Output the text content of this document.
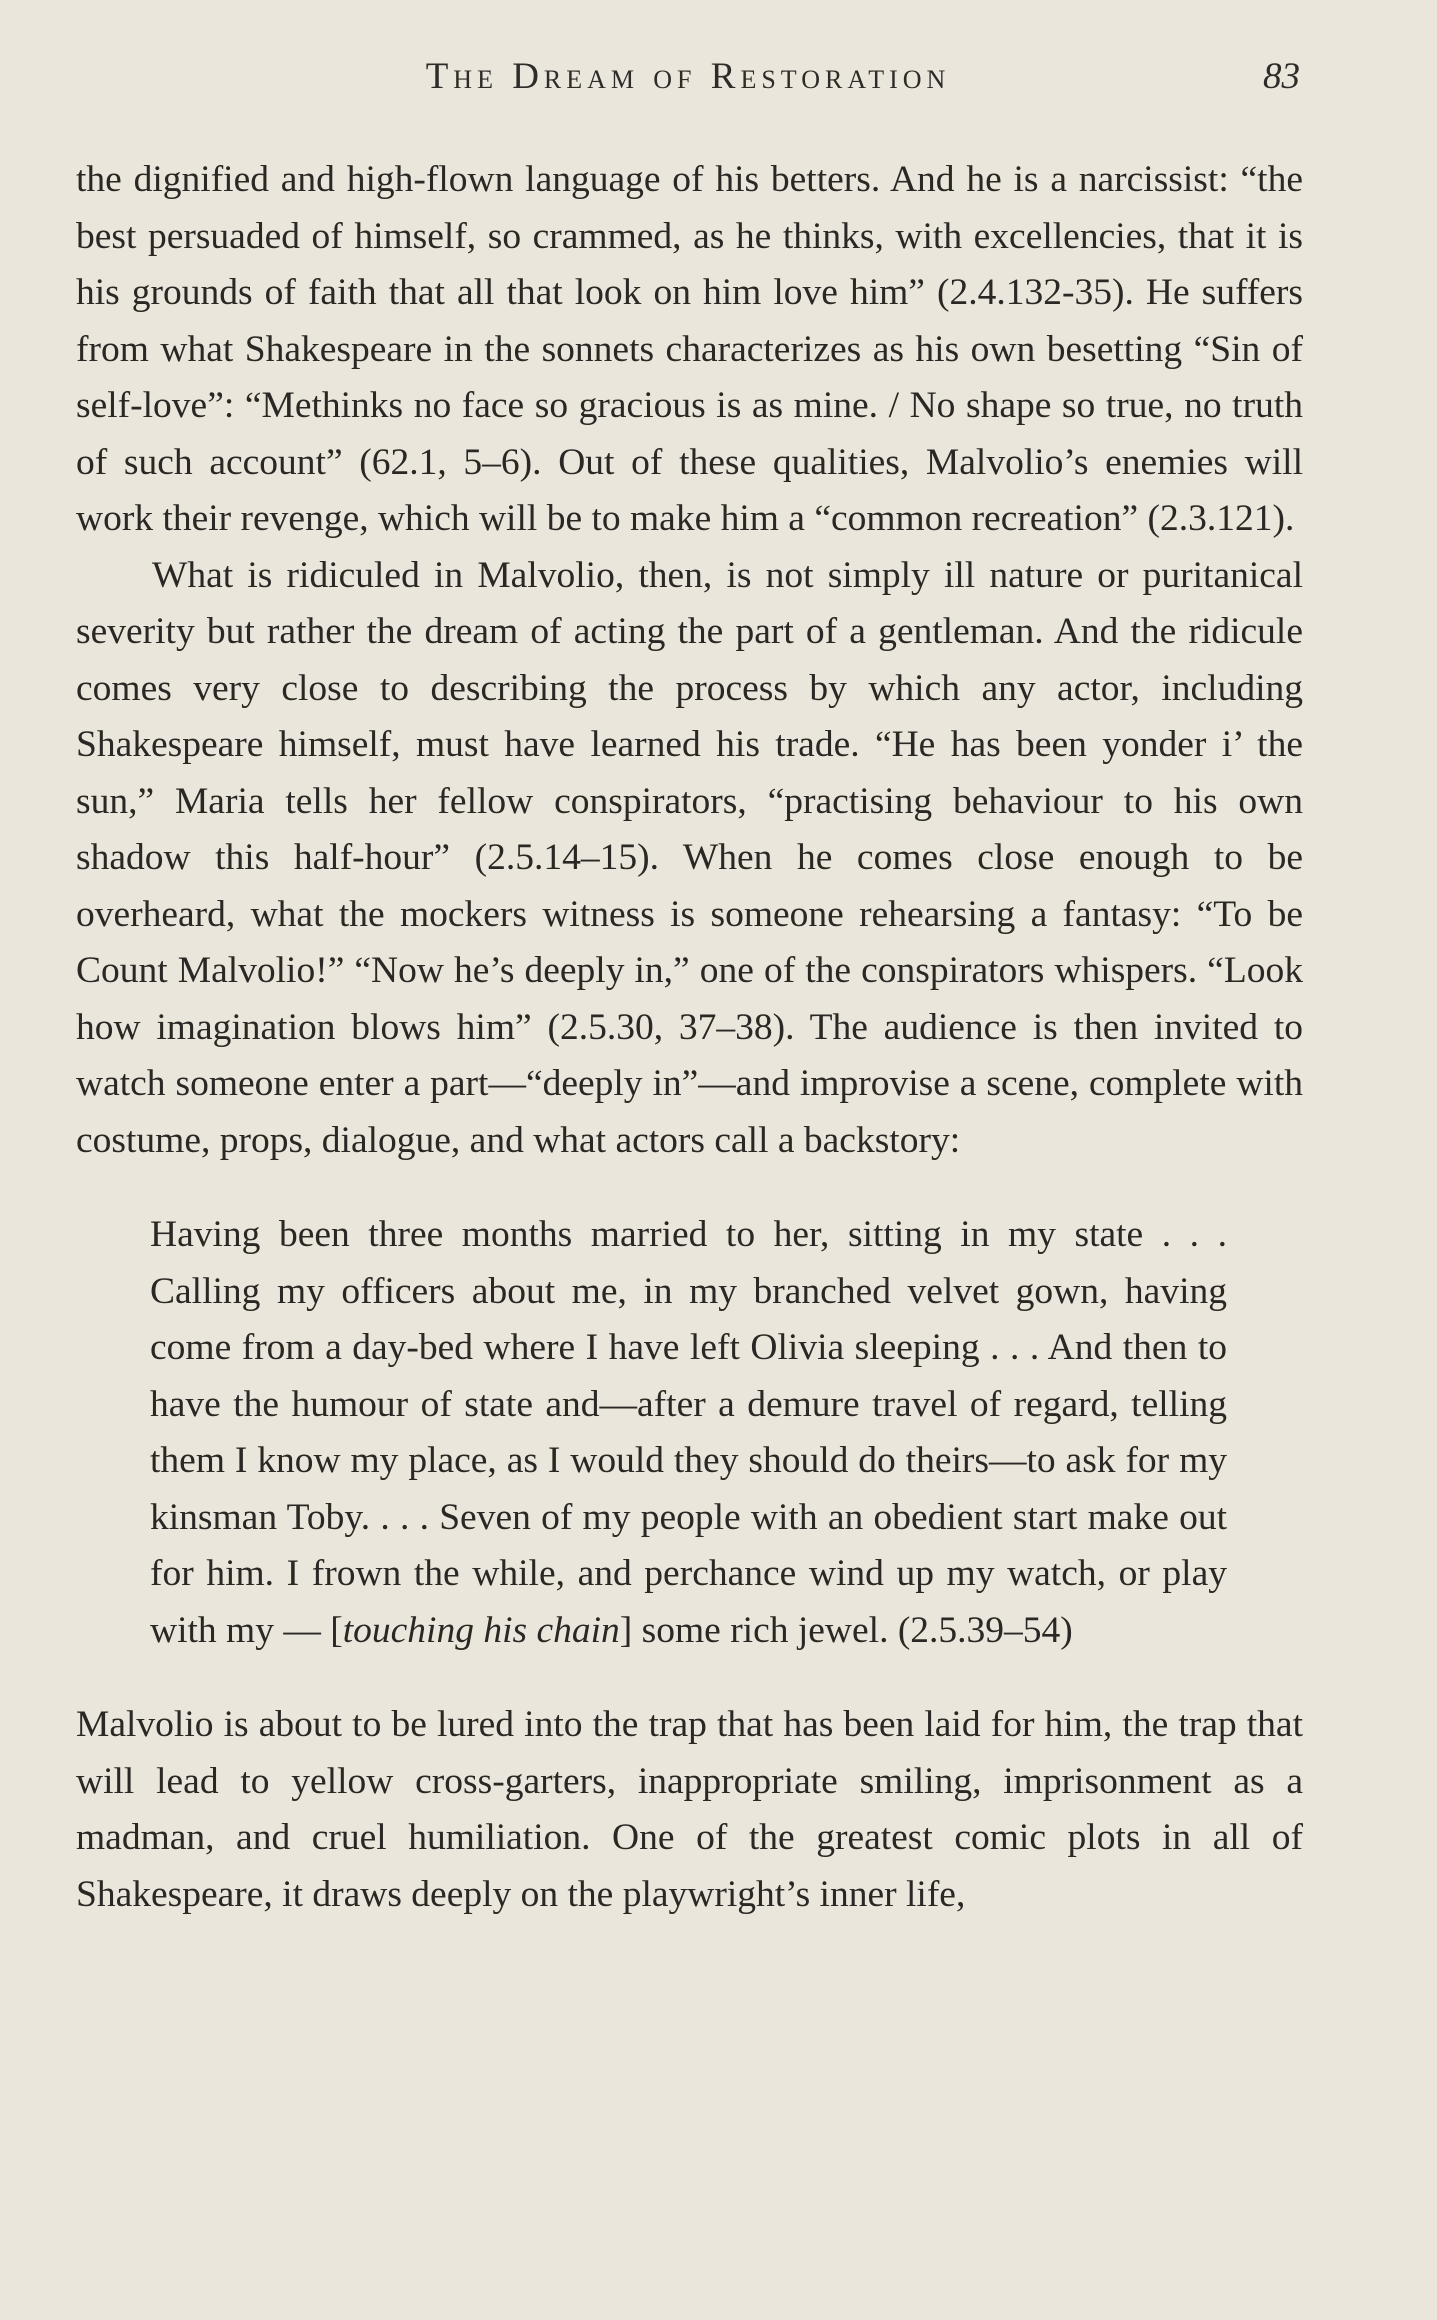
The Dream of Restoration	83

the dignified and high-flown language of his betters. And he is a narcissist: “the best persuaded of himself, so crammed, as he thinks, with excellencies, that it is his grounds of faith that all that look on him love him” (2.4.132-35). He suffers from what Shakespeare in the sonnets characterizes as his own besetting “Sin of self-love”: “Methinks no face so gracious is as mine. / No shape so true, no truth of such account” (62.1, 5–6). Out of these qualities, Malvolio’s enemies will work their revenge, which will be to make him a “common recreation” (2.3.121).

What is ridiculed in Malvolio, then, is not simply ill nature or puritanical severity but rather the dream of acting the part of a gentleman. And the ridicule comes very close to describing the process by which any actor, including Shakespeare himself, must have learned his trade. “He has been yonder i’ the sun,” Maria tells her fellow conspirators, “practising behaviour to his own shadow this half-hour” (2.5.14–15). When he comes close enough to be overheard, what the mockers witness is someone rehearsing a fantasy: “To be Count Malvolio!” “Now he’s deeply in,” one of the conspirators whispers. “Look how imagination blows him” (2.5.30, 37–38). The audience is then invited to watch someone enter a part—“deeply in”—and improvise a scene, complete with costume, props, dialogue, and what actors call a backstory:

Having been three months married to her, sitting in my state . . . Calling my officers about me, in my branched velvet gown, having come from a day-bed where I have left Olivia sleeping . . . And then to have the humour of state and—after a demure travel of regard, telling them I know my place, as I would they should do theirs—to ask for my kinsman Toby. . . . Seven of my people with an obedient start make out for him. I frown the while, and perchance wind up my watch, or play with my — [touching his chain] some rich jewel. (2.5.39–54)

Malvolio is about to be lured into the trap that has been laid for him, the trap that will lead to yellow cross-garters, inappropriate smiling, imprisonment as a madman, and cruel humiliation. One of the greatest comic plots in all of Shakespeare, it draws deeply on the playwright’s inner life,
